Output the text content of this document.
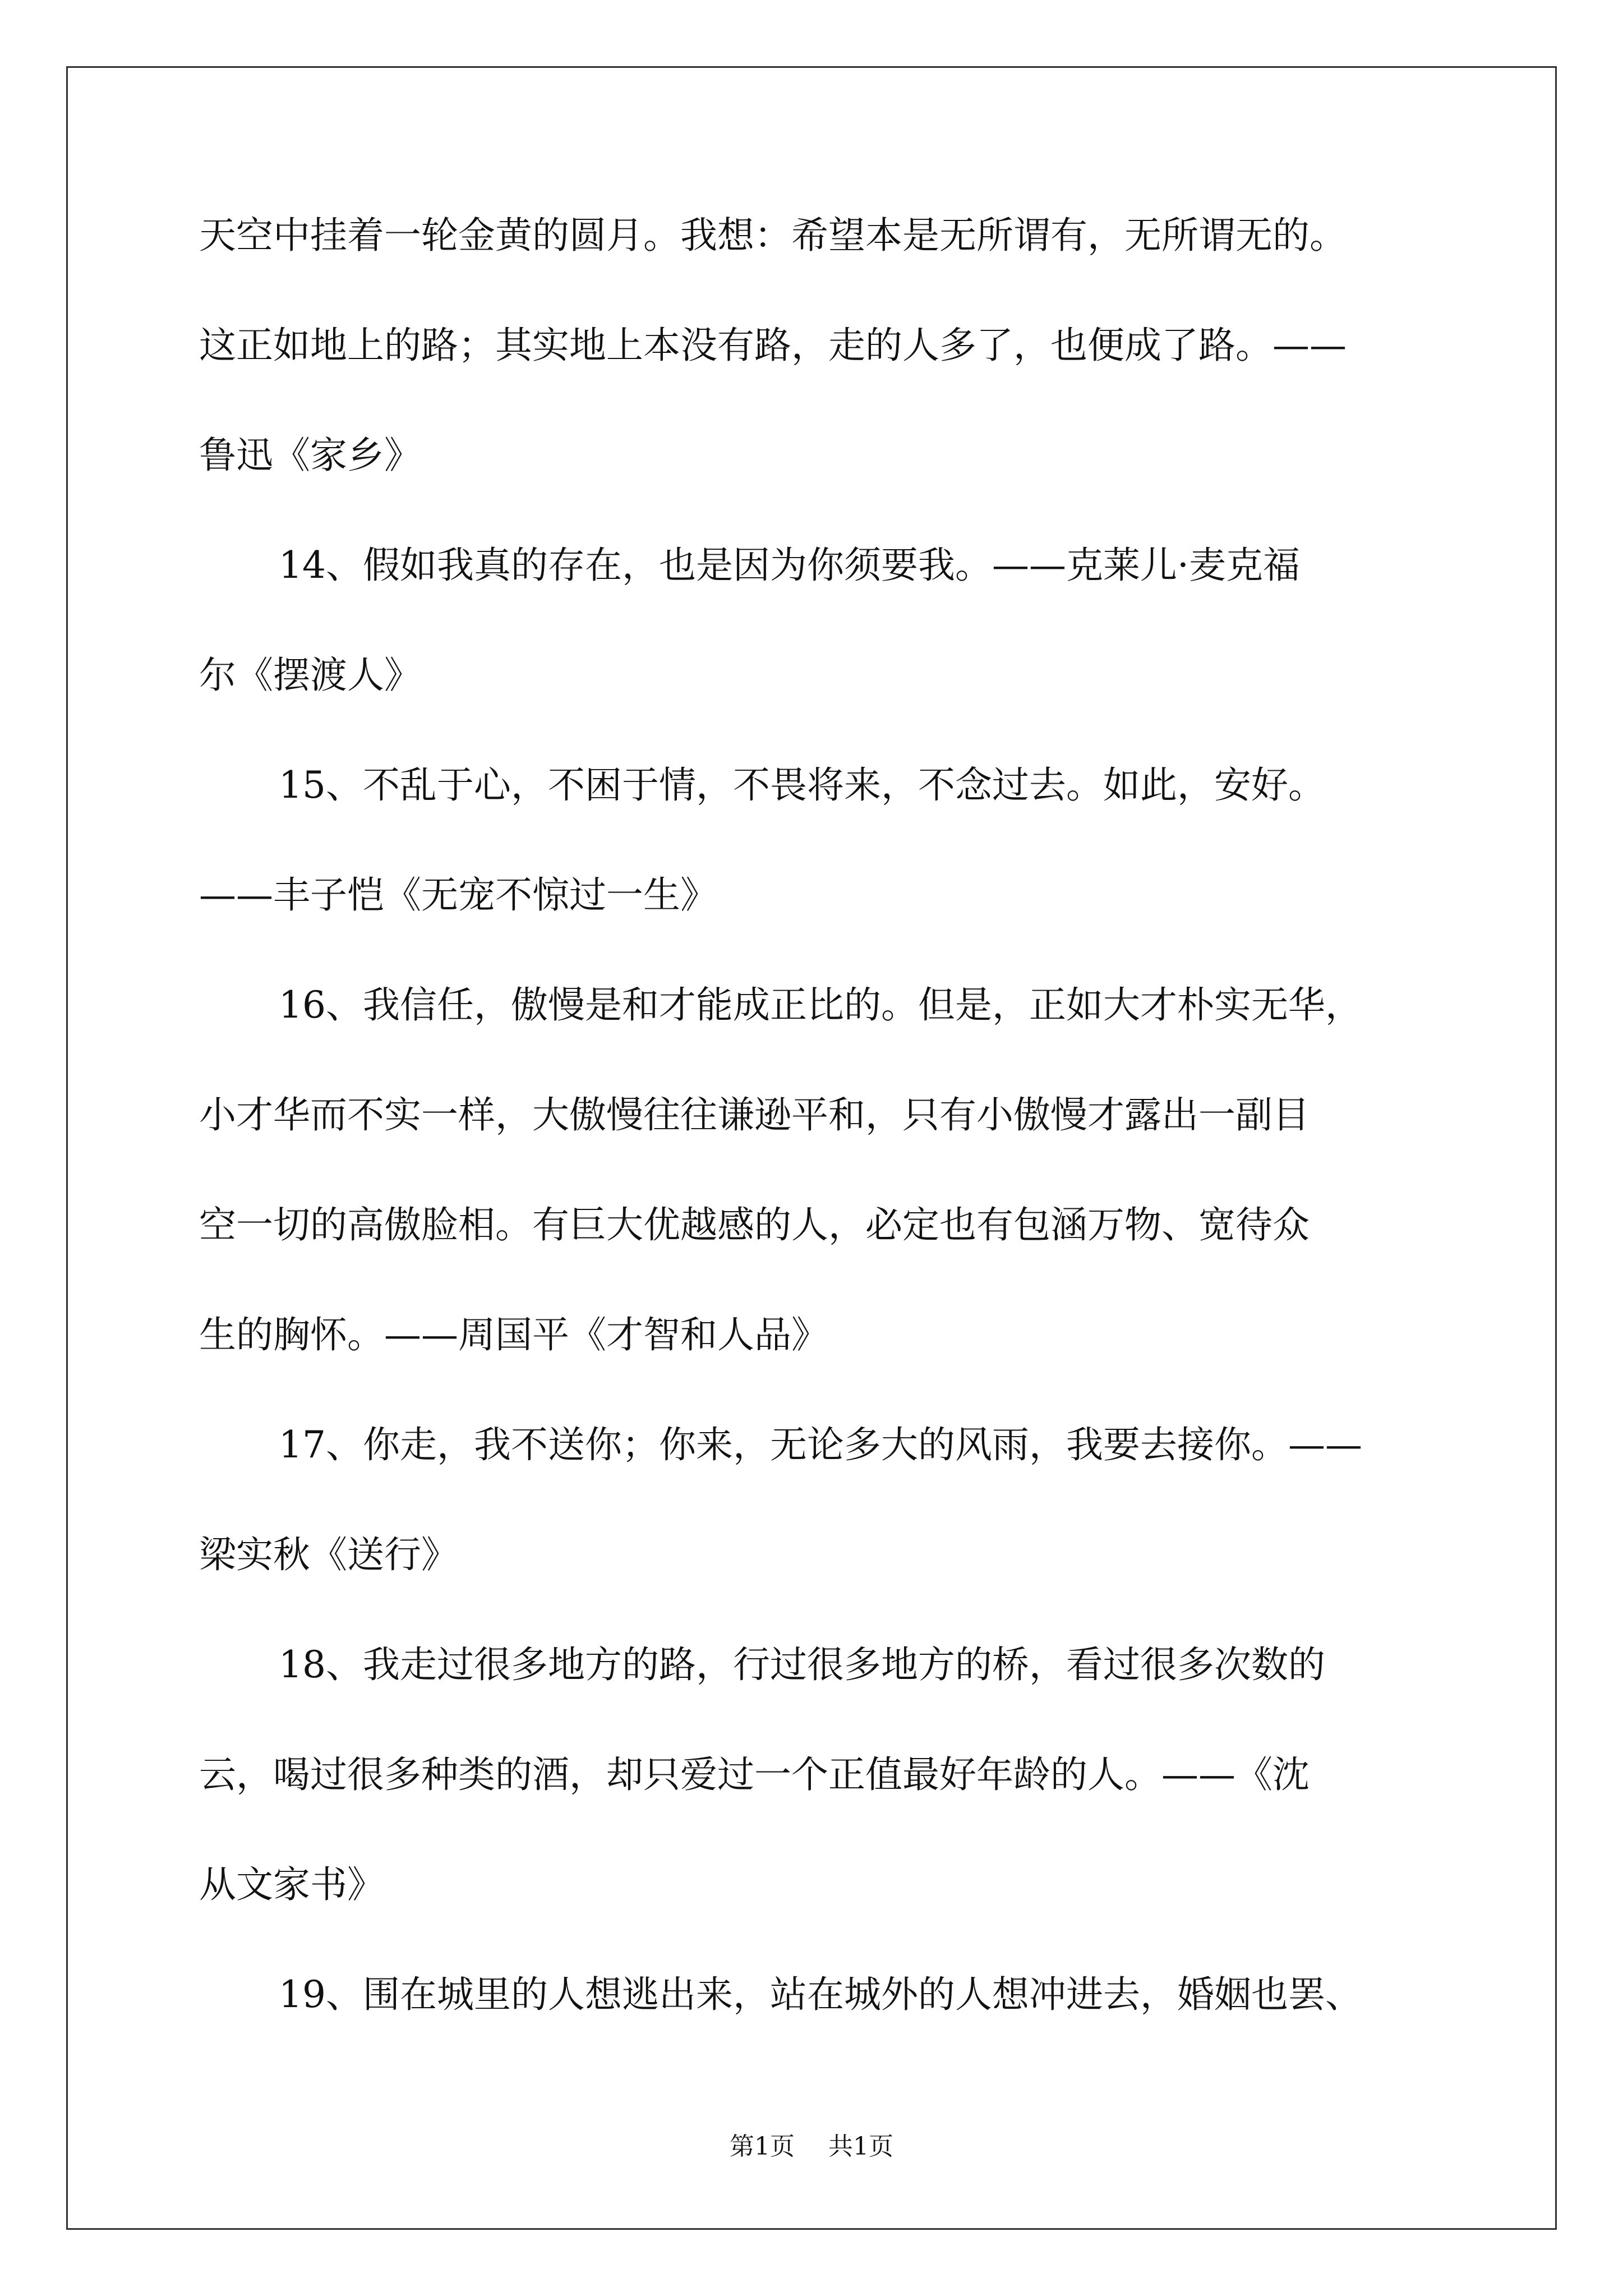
天空中挂着一轮金黄的圆月。我想：希望本是无所谓有，无所谓无的。
这正如地上的路；其实地上本没有路，走的人多了，也便成了路。——
鲁迅《家乡》
14、假如我真的存在，也是因为你须要我。——克莱儿·麦克福
尔《摆渡人》
15、不乱于心，不困于情，不畏将来，不念过去。如此，安好。
——丰子恺《无宠不惊过一生》
16、我信任，傲慢是和才能成正比的。但是，正如大才朴实无华，
小才华而不实一样，大傲慢往往谦逊平和，只有小傲慢才露出一副目
空一切的高傲脸相。有巨大优越感的人，必定也有包涵万物、宽待众
生的胸怀。——周国平《才智和人品》
17、你走，我不送你；你来，无论多大的风雨，我要去接你。——
梁实秋《送行》
18、我走过很多地方的路，行过很多地方的桥，看过很多次数的
云，喝过很多种类的酒，却只爱过一个正值最好年龄的人。——《沈
从文家书》
19、围在城里的人想逃出来，站在城外的人想冲进去，婚姻也罢、
第1页 共1页
